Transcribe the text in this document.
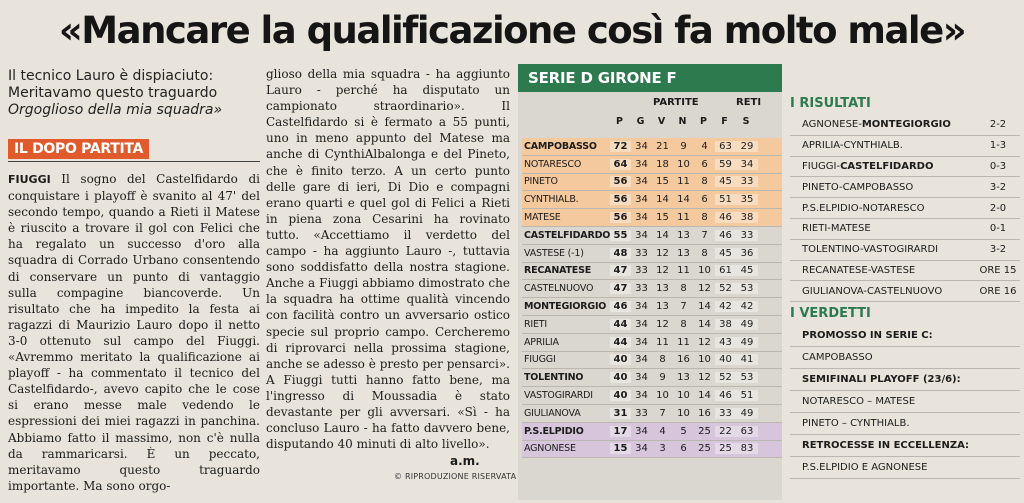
«Mancare la qualificazione così fa molto male»
Il tecnico Lauro è dispiaciuto:
Meritavamo questo traguardo
Orgoglioso della mia squadra»
IL DOPO PARTITA

FIUGGI Il sogno del Castelfidardo di conquistare i playoff è svanito al 47' del secondo tempo, quando a Rieti il Matese è riuscito a trovare il gol con Felici che ha regalato un successo d'oro alla squadra di Corrado Urbano consentendo di conservare un punto di vantaggio sulla compagine biancoverde. Un risultato che ha impedito la festa ai ragazzi di Maurizio Lauro dopo il netto 3-0 ottenuto sul campo del Fiuggi. «Avremmo meritato la qualificazione ai playoff - ha commentato il tecnico del Castelfidardo-, avevo capito che le cose si erano messe male vedendo le espressioni dei miei ragazzi in panchina. Abbiamo fatto il massimo, non c'è nulla da rammaricarsi. È un peccato, meritavamo questo traguardo importante. Ma sono orgo-

glioso della mia squadra - ha aggiunto Lauro - perché ha disputato un campionato straordinario». Il Castelfidardo si è fermato a 55 punti, uno in meno appunto del Matese ma anche di CynthiAlbalonga e del Pineto, che è finito terzo. A un certo punto delle gare di ieri, Di Dio e compagni erano quarti e quel gol di Felici a Rieti in piena zona Cesarini ha rovinato tutto. «Accettiamo il verdetto del campo - ha aggiunto Lauro -, tuttavia sono soddisfatto della nostra stagione. Anche a Fiuggi abbiamo dimostrato che la squadra ha ottime qualità vincendo con facilità contro un avversario ostico specie sul proprio campo. Cercheremo di riprovarci nella prossima stagione, anche se adesso è presto per pensarci». A Fiuggi tutti hanno fatto bene, ma l'ingresso di Moussadia è stato devastante per gli avversari. «Sì - ha concluso Lauro - ha fatto davvero bene, disputando 40 minuti di alto livello».

a.m.
© RIPRODUZIONE RISERVATA
SERIE D GIRONE F
PARTITE	RETI
P	G	V	N	P	F	S
CAMPOBASSO	72 34 21	9	4	63 29
NOTARESCO	64 34 18 10	6	59 34
PINETO	56 34 15 11	8	45 33
CYNTHIALB.	56 34 14 14	6	51 35
MATESE	56 34 15 11	8	46 38
CASTELFIDARDO 55 34 14 13	7	46 33
VASTESE (-1)	48 33 12 13	8	45 36
RECANATESE	47 33 12 11 10 61 45
CASTELNUOVO	47 33 13	8	12 52 53
MONTEGIORGIO 46 34 13	7	14 42 42
RIETI	44 34 12	8	14 38 49
APRILIA	44 34 11 11 12 43 49
FIUGGI	40 34	8	16 10 40 41
TOLENTINO	40 34	9	13 12 52 53
VASTOGIRARDI	40 34 10 10 14 46 51
GIULIANOVA	31 33	7	10 16 33 49
P.S.ELPIDIO	17 34	4	5	25 22 63
AGNONESE	15 34	3	6	25 25 83
I RISULTATI
AGNONESE-MONTEGIORGIO	2-2
APRILIA-CYNTHIALB.	1-3
FIUGGI-CASTELFIDARDO	0-3
PINETO-CAMPOBASSO	3-2
P.S.ELPIDIO-NOTARESCO	2-0
RIETI-MATESE	0-1
TOLENTINO-VASTOGIRARDI	3-2
RECANATESE-VASTESE	ORE 15
GIULIANOVA-CASTELNUOVO	ORE 16
I VERDETTI
PROMOSSO IN SERIE C:
CAMPOBASSO
SEMIFINALI PLAYOFF (23/6):
NOTARESCO – MATESE
PINETO – CYNTHIALB.
RETROCESSE IN ECCELLENZA:
P.S.ELPIDIO E AGNONESE
